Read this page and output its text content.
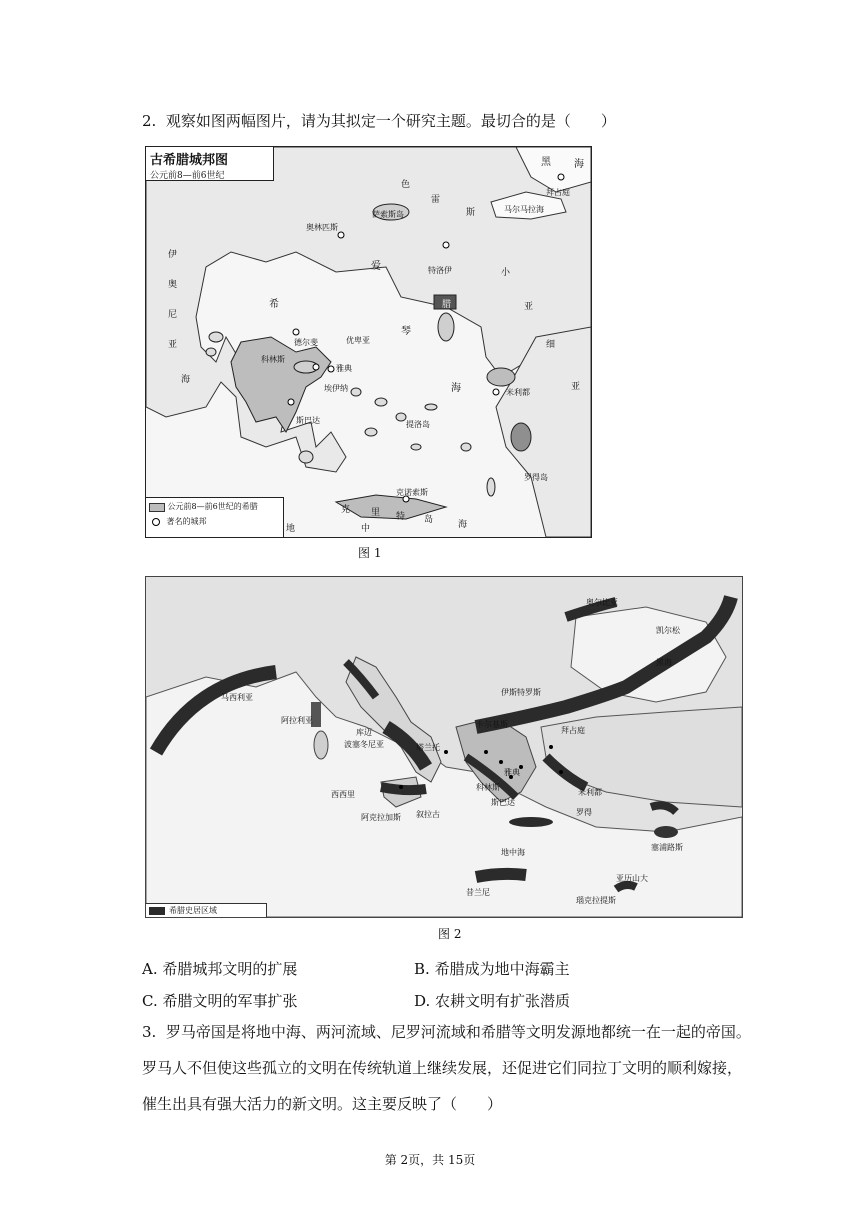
2. 观察如图两幅图片，请为其拟定一个研究主题。最切合的是（　　）
古希腊城邦图
公元前8—前6世纪
公元前8—前6世纪的希腊
著名的城邦
黑 海
拜占庭
马尔马拉海
色
雷
斯
萨索斯岛
奥林匹斯
爱
琴
海
特洛伊	小
亚
细
亚
希	腊
伊
奥
尼
亚
海
德尔斐	优卑亚
科林斯
雅典
埃伊纳
斯巴达
米利都
提洛岛
罗得岛
克 里 特 岛
克诺索斯
地	中	海
图 1
希腊史居区域
奥尔比亚
凯尔松
黑海
伊斯特罗斯
拜占庭
卡尔基斯
科林斯
马西利亚
阿拉利亚
库迈
波塞冬尼亚	塔兰托
西西里
叙拉古
阿克拉加斯
雅典
斯巴达
米利都
罗得
塞浦路斯
昔兰尼
地中海
瑙克拉提斯
亚历山大
图 2
A. 希腊城邦文明的扩展	B. 希腊成为地中海霸主
C. 希腊文明的军事扩张	D. 农耕文明有扩张潜质
3. 罗马帝国是将地中海、两河流域、尼罗河流域和希腊等文明发源地都统一在一起的帝国。
罗马人不但使这些孤立的文明在传统轨道上继续发展，还促进它们同拉丁文明的顺利嫁接，
催生出具有强大活力的新文明。这主要反映了（　　）
第 2页，共 15页
